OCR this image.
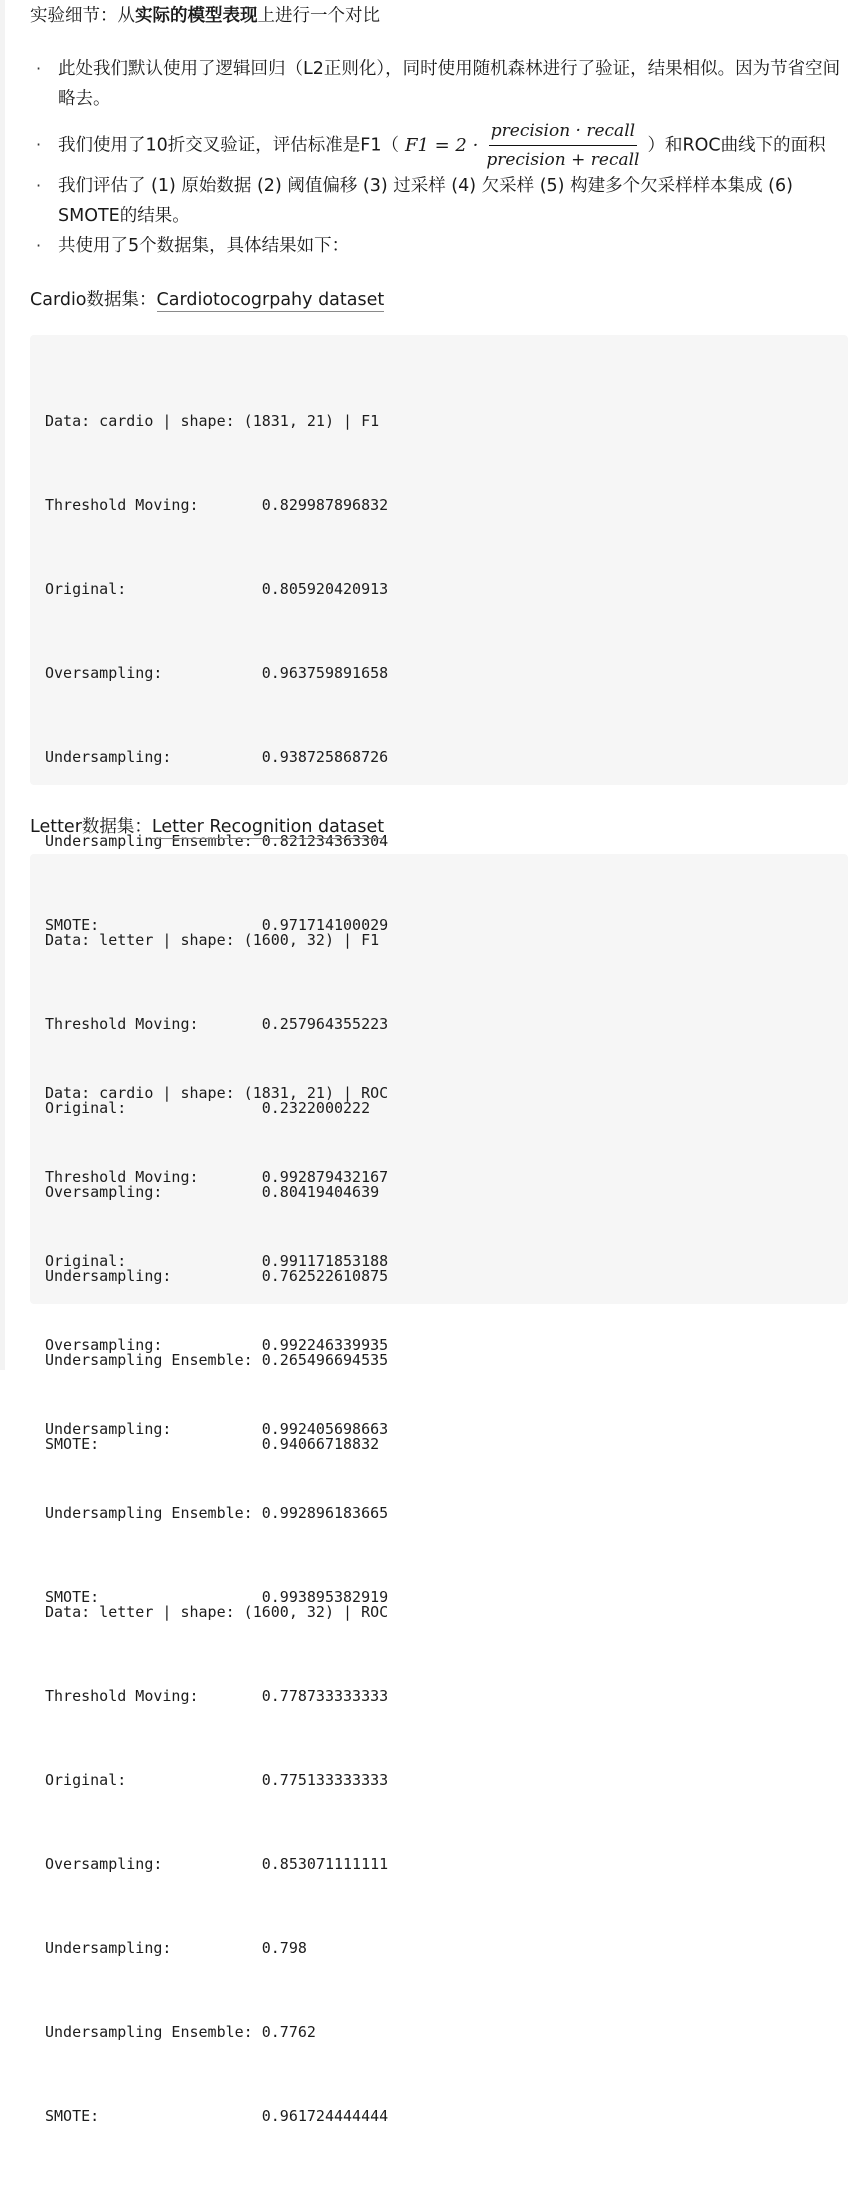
实验细节：从实际的模型表现上进行一个对比

· 此处我们默认使用了逻辑回归（L2正则化），同时使用随机森林进行了验证，结果相似。因为节省空间略去。
· 我们使用了10折交叉验证，评估标准是F1（ $F1 = 2 \cdot \frac{\text{precision · recall}}{\text{precision + recall}}$ ）和ROC曲线下的面积
· 我们评估了 (1) 原始数据 (2) 阈值偏移 (3) 过采样 (4) 欠采样 (5) 构建多个欠采样样本集成 (6) SMOTE的结果。
· 共使用了5个数据集，具体结果如下：

Cardio数据集：Cardiotocogrpahy dataset

Data: cardio | shape: (1831, 21) | F1

Threshold Moving:       0.829987896832

Original:               0.805920420913

Oversampling:           0.963759891658

Undersampling:          0.938725868726

Undersampling Ensemble: 0.821234363304

SMOTE:                  0.971714100029

Data: cardio | shape: (1831, 21) | ROC

Threshold Moving:       0.992879432167

Original:               0.991171853188

Oversampling:           0.992246339935

Undersampling:          0.992405698663

Undersampling Ensemble: 0.992896183665

SMOTE:                  0.993895382919

Letter数据集：Letter Recognition dataset

Data: letter | shape: (1600, 32) | F1

Threshold Moving:       0.257964355223

Original:               0.2322000222

Oversampling:           0.80419404639

Undersampling:          0.762522610875

Undersampling Ensemble: 0.265496694535

SMOTE:                  0.94066718832

Data: letter | shape: (1600, 32) | ROC

Threshold Moving:       0.778733333333

Original:               0.775133333333

Oversampling:           0.853071111111

Undersampling:          0.798

Undersampling Ensemble: 0.7762

SMOTE:                  0.961724444444
